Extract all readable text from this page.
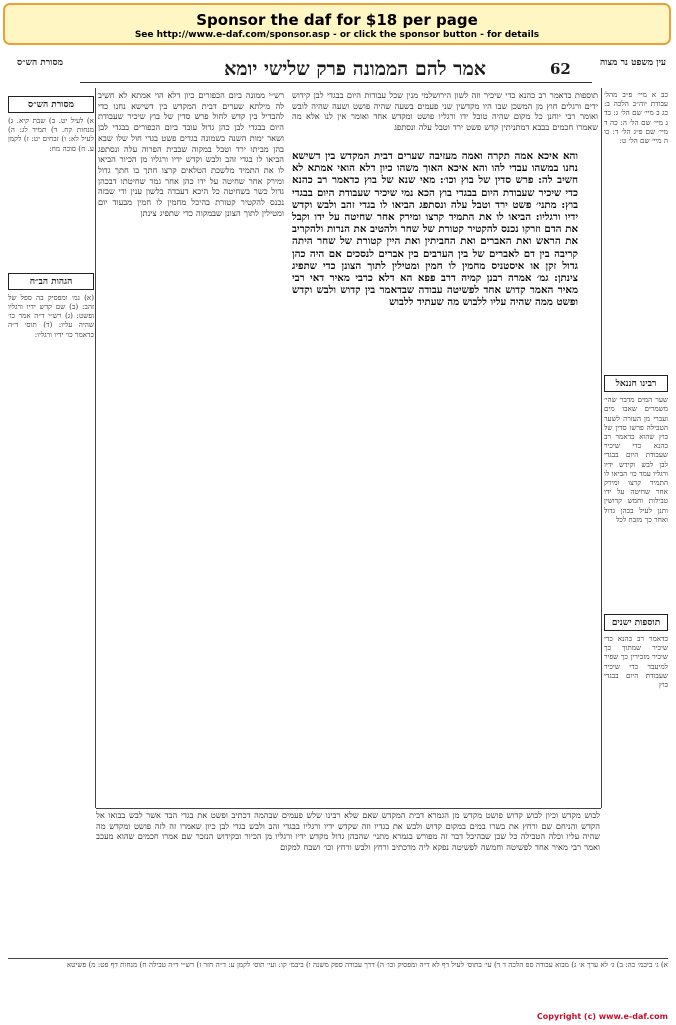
Sponsor the daf for $18 per page
See http://www.e-daf.com/sponsor.asp - or click the sponsor button - for details
מסורת הש״ס	אמר להם הממונה פרק שלישי יומא	62	עין משפט נר מצוה
מסורת הש״ס
א) לעיל יט. ב) שבת קיא. ג) מנחות קח. ד) תמיד לג: ה) לעיל לא: ו) זבחים יט: ז) לקמן ע. ח) סוכה מח:
הגהות הב״ח
(א) גמ׳ ומפסיק בה ספל של זהב: (ב) שם קדש ידיו ורגליו ופשט: (ג) רש״י ד״ה אמר כו׳ שהיה עליו: (ד) תוס׳ ד״ה כדאמר כו׳ ידיו ורגליו:
רש״י ממונה ביום הכפורים כיון דלא הוי אמתא לא חשיב לה מילתא שערים דבית המקדש בין דשישא נחנו כדי להבדיל בין קדש לחול פרש סדין של בוץ שיכיר שעבודת היום בבגדי לבן כהן גדול עובד ביום הכפורים בבגדי לבן ושאר ימות השנה בשמונה בגדים פשט בגדי חול שלו שבא בהן מביתו ירד וטבל במקוה שבבית הפרוה עלה ונסתפג הביאו לו בגדי זהב ולבש וקדש ידיו ורגליו מן הכיור הביאו לו את התמיד מלשכת הטלאים קרצו חתך בו חתך גדול ומירק אחר שחיטה על ידו כהן אחר גמר שחיטתו דבכהן גדול כשר בשחיטה כל היכא דעבדה בלשון ענין ודי שבזה נכנס להקטיר קטורת בהיכל מחמין לו חמין מבעוד יום ומטילין לתוך הצונן שבמקוה כדי שתפיג צינתן
והא איכא אמה תקרה ואמה מעזיבה שערים דבית המקדש בין דשישא נחנו במשהו עבדי להו והא איכא האוך משהו כיון דלא הואי אמתא לא חשיב לה: פרש סדין של בוץ וכו׳: מאי שנא של בוץ כדאמר רב כהנא כדי שיכיר שעבודת היום בבגדי בוץ הכא נמי שיכיר שעבודת היום בבגדי בוץ: מתני׳ פשט ירד וטבל עלה ונסתפג הביאו לו בגדי זהב ולבש וקדש ידיו ורגליו: הביאו לו את התמיד קרצו ומירק אחר שחיטה על ידו וקבל את הדם וזרקו נכנס להקטיר קטורת של שחר ולהטיב את הנרות ולהקריב את הראש ואת האברים ואת החביתין ואת היין קטורת של שחר היתה קריבה בין דם לאברים של בין הערבים בין אברים לנסכים אם היה כהן גדול זקן או איסטניס מחמין לו חמין ומטילין לתוך הצונן כדי שתפיג צינתן: גמ׳ אמרה רבנן קמיה דרב פפא הא דלא כרבי מאיר דאי רבי מאיר האמר קדוש אחד לפשיטה עבודה שבדאמר בין קדוש ולבש וקדש ופשט ממה שהיה עליו ללבוש מה שעתיד ללבוש
תוספות כדאמר רב כהנא כדי שיכיר וזה לשון הירושלמי מנין שכל עבודות היום בבגדי לבן קידוש ידים ורגלים חוץ מן המשכן שבו היו מקדשין שני פעמים בשעה שהיה פושט ושעה שהיה לובש ואומר רבי יוחנן כל מקום שהיה טובל ידו ורגליו פושט ומקדש אחד ואומר אין לנו אלא מה שאמרו חכמים בבבא דמתניתין קדש פשט ירד וטבל עלה ונסתפג
כב א מיי׳ פ״ב מהל׳ עבודת יוה״כ הלכה ב: כג ב מיי׳ שם הל׳ ג: כד ג מיי׳ שם הל׳ ה: כה ד מיי׳ שם פ״ג הל׳ ד: כו ה מיי׳ שם הל׳ ט:
רבינו חננאל
שער המים מדבר שהי׳ משמרים שאבו מים ועברי מן העזרה לשער הטבילה פרשו סדין של בוץ שהוא כדאמר רב כהנא כדי שיכיר שעבודת היום בבגדי לבן לבש וקידש ידיו ורגליו עמד כו׳ הביאו לו התמיד קרצו ומירק אחר שחיטה על ידו טבילות וחמש קדושין ותנן לעיל בכהן גדול ואחר כך מזבח לכל
תוספות ישנים
כדאמר רב כהנא כדי שיכיר שמתוך כך שיכיר מזכירין כך שפיר למיעבד כדי שיכיר שעבודת היום בבגדי בוץ
לבוש מקדש וכיון לבוש קדוש פושט מקדש מן הגמרא דבית המקדש שאם שלא רבינו שלש פעמים שבהמה דכתיב ופשט את בגדי הבד אשר לבש בבואו אל הקדש והניחם שם ורחץ את בשרו במים במקום קדוש ולבש את בגדיו וזה שקדש ידיו ורגליו בבגדי זהב ולבש בגדי לבן כיון שאמרו זה לזה פושט ומקדש מה שהיה עליו וכלה הטבילה כל שכן שבהיכל דבר זה מפורש בגמרא מתני׳ שהכהן גדול מקדש ידיו ורגליו מן הכיור ובקידוש הנזכר שם אמרו חכמים שהוא מעכב ואמר רבי מאיר אחד לפשיטה וחמשה לפשיטה נפקא ליה מדכתיב ורחץ ולבש ורחץ וכו׳ ושבח למקום
א) ג׳ ביבמ׳ כה: ב) ג׳ לא ערך א׳ ג) מבוא עבודה ספ הלכה ד ד) עי׳ בתוס׳ לעיל דף לא ד״ה ומפסיק וכו׳ ה) דרך עבודה ספק משנה ו) ביבמ׳ קו: ועי׳ תוס׳ לקמן ע: ד״ה חזר ז) רש״י ד״ה טבילה ח) מנחות דף פט: מ) פשיטא
Copyright (c) www.e-daf.com
